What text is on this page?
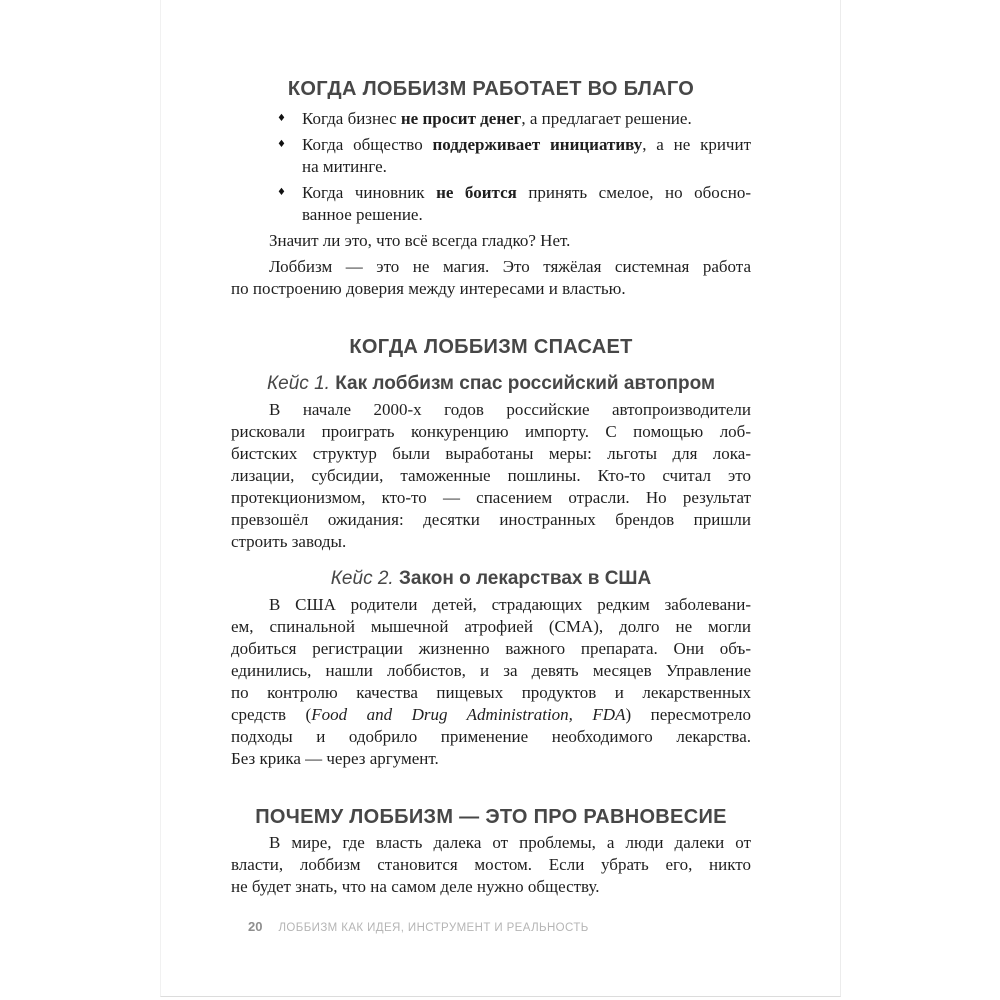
КОГДА ЛОББИЗМ РАБОТАЕТ ВО БЛАГО
♦ Когда бизнес не просит денег, а предлагает решение.
♦ Когда общество поддерживает инициативу, а не кричит
на митинге.
♦ Когда чиновник не боится принять смелое, но обосно-
ванное решение.
Значит ли это, что всё всегда гладко? Нет.
Лоббизм — это не магия. Это тяжёлая системная работа
по построению доверия между интересами и властью.
КОГДА ЛОББИЗМ СПАСАЕТ
Кейс 1. Как лоббизм спас российский автопром
В начале 2000-х годов российские автопроизводители
рисковали проиграть конкуренцию импорту. С помощью лоб-
бистских структур были выработаны меры: льготы для лока-
лизации, субсидии, таможенные пошлины. Кто-то считал это
протекционизмом, кто-то — спасением отрасли. Но результат
превзошёл ожидания: десятки иностранных брендов пришли
строить заводы.
Кейс 2. Закон о лекарствах в США
В США родители детей, страдающих редким заболевани-
ем, спинальной мышечной атрофией (СМА), долго не могли
добиться регистрации жизненно важного препарата. Они объ-
единились, нашли лоббистов, и за девять месяцев Управление
по контролю качества пищевых продуктов и лекарственных
средств (Food and Drug Administration, FDA) пересмотрело
подходы и одобрило применение необходимого лекарства.
Без крика — через аргумент.
ПОЧЕМУ ЛОББИЗМ — ЭТО ПРО РАВНОВЕСИЕ
В мире, где власть далека от проблемы, а люди далеки от
власти, лоббизм становится мостом. Если убрать его, никто
не будет знать, что на самом деле нужно обществу.
20 ЛОББИЗМ КАК ИДЕЯ, ИНСТРУМЕНТ И РЕАЛЬНОСТЬ
